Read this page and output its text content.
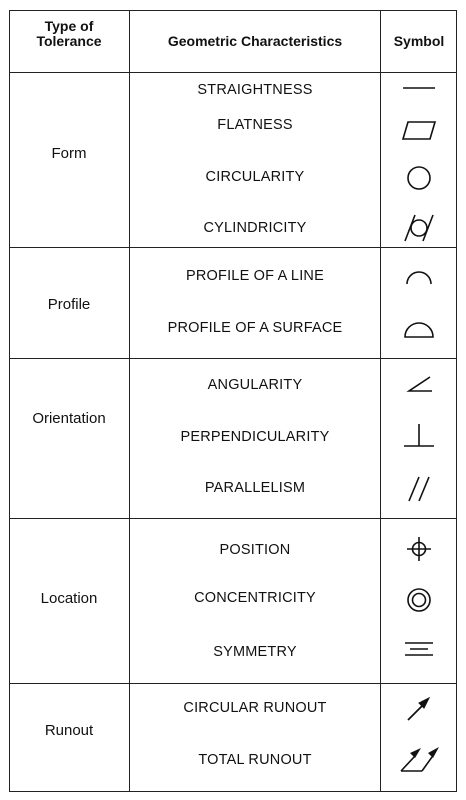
Type of
Tolerance	Geometric Characteristics	Symbol
Form
Profile
Orientation
Location
Runout
STRAIGHTNESS
FLATNESS
CIRCULARITY
CYLINDRICITY
PROFILE OF A LINE
PROFILE OF A SURFACE
ANGULARITY
PERPENDICULARITY
PARALLELISM
POSITION
CONCENTRICITY
SYMMETRY
CIRCULAR RUNOUT
TOTAL RUNOUT
